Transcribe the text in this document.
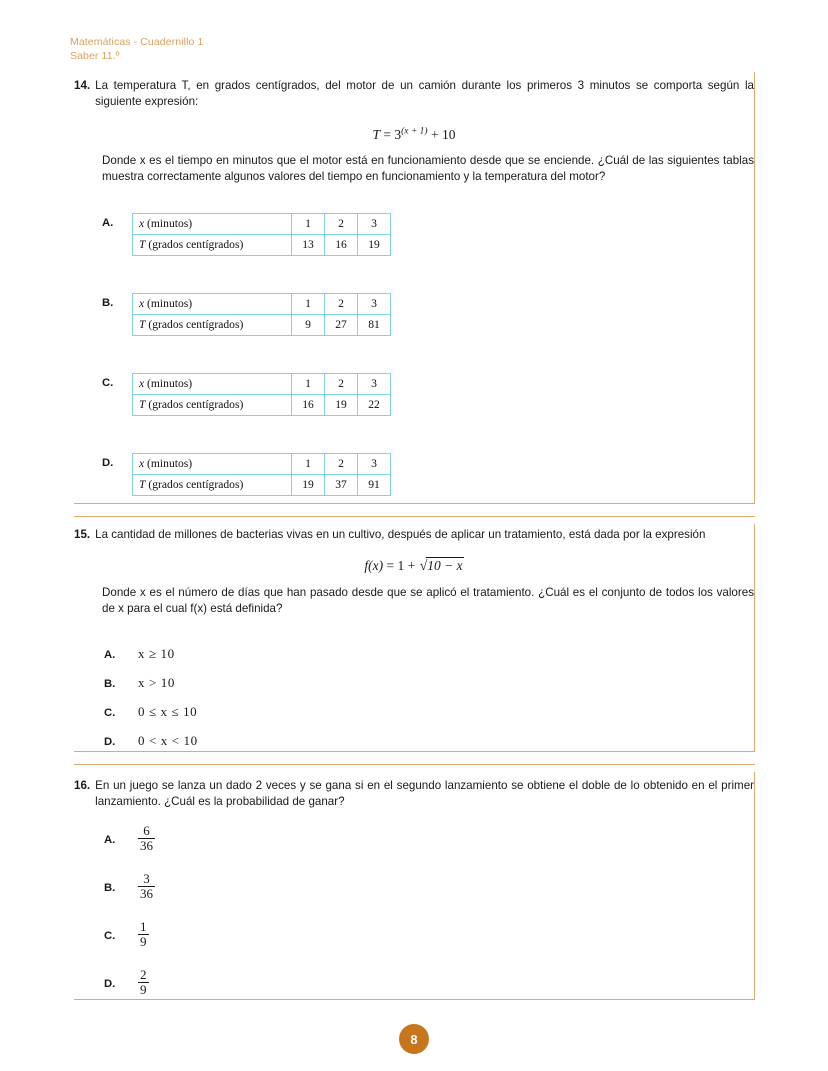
Matemáticas - Cuadernillo 1
Saber 11.º
14. La temperatura T, en grados centígrados, del motor de un camión durante los primeros 3 minutos se comporta según la siguiente expresión:
$T = 3^{(x + 1)} + 10$
Donde x es el tiempo en minutos que el motor está en funcionamiento desde que se enciende. ¿Cuál de las siguientes tablas muestra correctamente algunos valores del tiempo en funcionamiento y la temperatura del motor?
A.	x (minutos)	1	2	3
T (grados centígrados)	13	16	19
B.	x (minutos)	1	2	3
T (grados centígrados)	9	27	81
C.	x (minutos)	1	2	3
T (grados centígrados)	16	19	22
D.	x (minutos)	1	2	3
T (grados centígrados)	19	37	91
15. La cantidad de millones de bacterias vivas en un cultivo, después de aplicar un tratamiento, está dada por la expresión
f(x) = 1 + √10 − x
Donde x es el número de días que han pasado desde que se aplicó el tratamiento. ¿Cuál es el conjunto de todos los valores de x para el cual f(x) está definida?
A.	x ≥ 10
B.	x > 10
C.	0 ≤ x ≤ 10
D.	0 < x < 10
16. En un juego se lanza un dado 2 veces y se gana si en el segundo lanzamiento se obtiene el doble de lo obtenido en el primer lanzamiento. ¿Cuál es la probabilidad de ganar?
A.	$\frac{6}{36}$
B.	$\frac{3}{36}$
C.	$\frac{1}{9}$
D.	$\frac{2}{9}$
8
